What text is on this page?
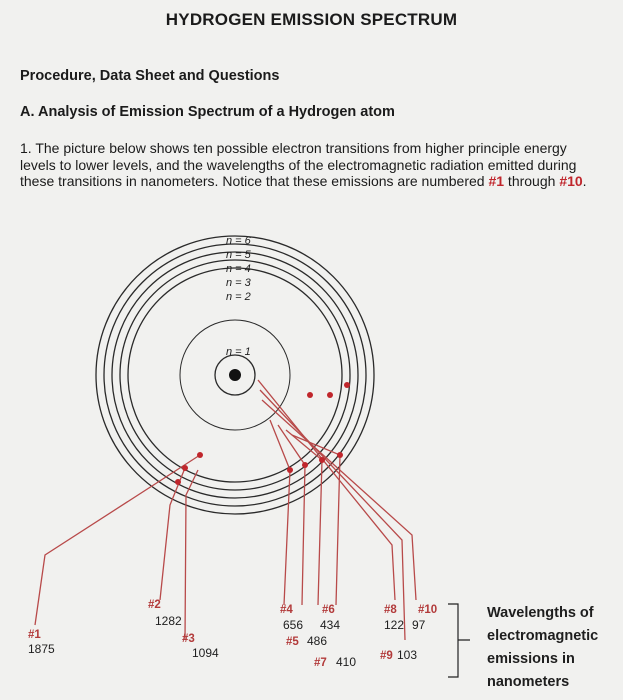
HYDROGEN EMISSION SPECTRUM
Procedure, Data Sheet and Questions
A. Analysis of Emission Spectrum of a Hydrogen atom
1. The picture below shows ten possible electron transitions from higher principle energy levels to lower levels, and the wavelengths of the electromagnetic radiation emitted during these transitions in nanometers. Notice that these emissions are numbered #1 through #10.
n = 6
n = 5
n = 4
n = 3
n = 2
n = 1
#1
1875
#2
1282
#3
1094
#4
656
#5 486
#6
434
#7 410
#8
122
#9 103
#10
97
Wavelengths of
electromagnetic
emissions in
nanometers
